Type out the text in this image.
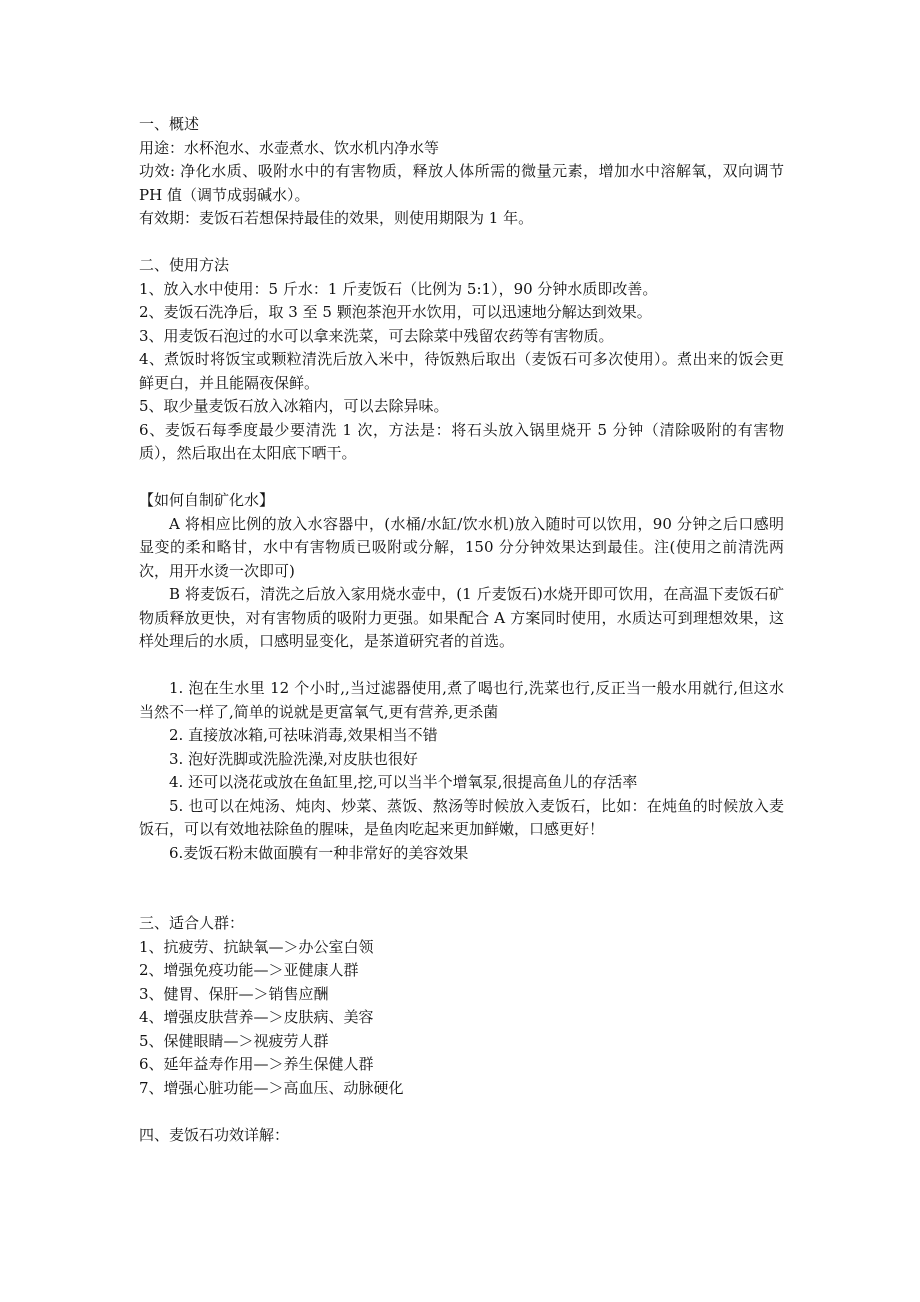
一、概述

用途：水杯泡水、水壶煮水、饮水机内净水等

功效: 净化水质、吸附水中的有害物质，释放人体所需的微量元素，增加水中溶解氧，双向调节 PH 值（调节成弱碱水）。

有效期：麦饭石若想保持最佳的效果，则使用期限为 1 年。

二、使用方法

1、放入水中使用：5 斤水：1 斤麦饭石（比例为 5:1），90 分钟水质即改善。

2、麦饭石洗净后，取 3 至 5 颗泡茶泡开水饮用，可以迅速地分解达到效果。

3、用麦饭石泡过的水可以拿来洗菜，可去除菜中残留农药等有害物质。

4、煮饭时将饭宝或颗粒清洗后放入米中，待饭熟后取出（麦饭石可多次使用）。煮出来的饭会更鲜更白，并且能隔夜保鲜。

5、取少量麦饭石放入冰箱内，可以去除异味。

6、麦饭石每季度最少要清洗 1 次，方法是：将石头放入锅里烧开 5 分钟（清除吸附的有害物质），然后取出在太阳底下晒干。

【如何自制矿化水】

A 将相应比例的放入水容器中，(水桶/水缸/饮水机)放入随时可以饮用，90 分钟之后口感明显变的柔和略甘，水中有害物质已吸附或分解，150 分分钟效果达到最佳。注(使用之前清洗两次，用开水烫一次即可)

B 将麦饭石，清洗之后放入家用烧水壶中，(1 斤麦饭石)水烧开即可饮用，在高温下麦饭石矿物质释放更快，对有害物质的吸附力更强。如果配合 A 方案同时使用，水质达可到理想效果，这样处理后的水质，口感明显变化，是茶道研究者的首选。

1. 泡在生水里 12 个小时,,当过滤器使用,煮了喝也行,洗菜也行,反正当一般水用就行,但这水当然不一样了,简单的说就是更富氧气,更有营养,更杀菌

2. 直接放冰箱,可祛味消毒,效果相当不错

3. 泡好洗脚或洗脸洗澡,对皮肤也很好

4. 还可以浇花或放在鱼缸里,挖,可以当半个增氧泵,很提高鱼儿的存活率

5. 也可以在炖汤、炖肉、炒菜、蒸饭、熬汤等时候放入麦饭石，比如：在炖鱼的时候放入麦饭石，可以有效地祛除鱼的腥味，是鱼肉吃起来更加鲜嫩，口感更好！

6.麦饭石粉末做面膜有一种非常好的美容效果

三、适合人群：

1、抗疲劳、抗缺氧—＞办公室白领

2、增强免疫功能—＞亚健康人群

3、健胃、保肝—＞销售应酬

4、增强皮肤营养—＞皮肤病、美容

5、保健眼睛—＞视疲劳人群

6、延年益寿作用—＞养生保健人群

7、增强心脏功能—＞高血压、动脉硬化

四、麦饭石功效详解：
